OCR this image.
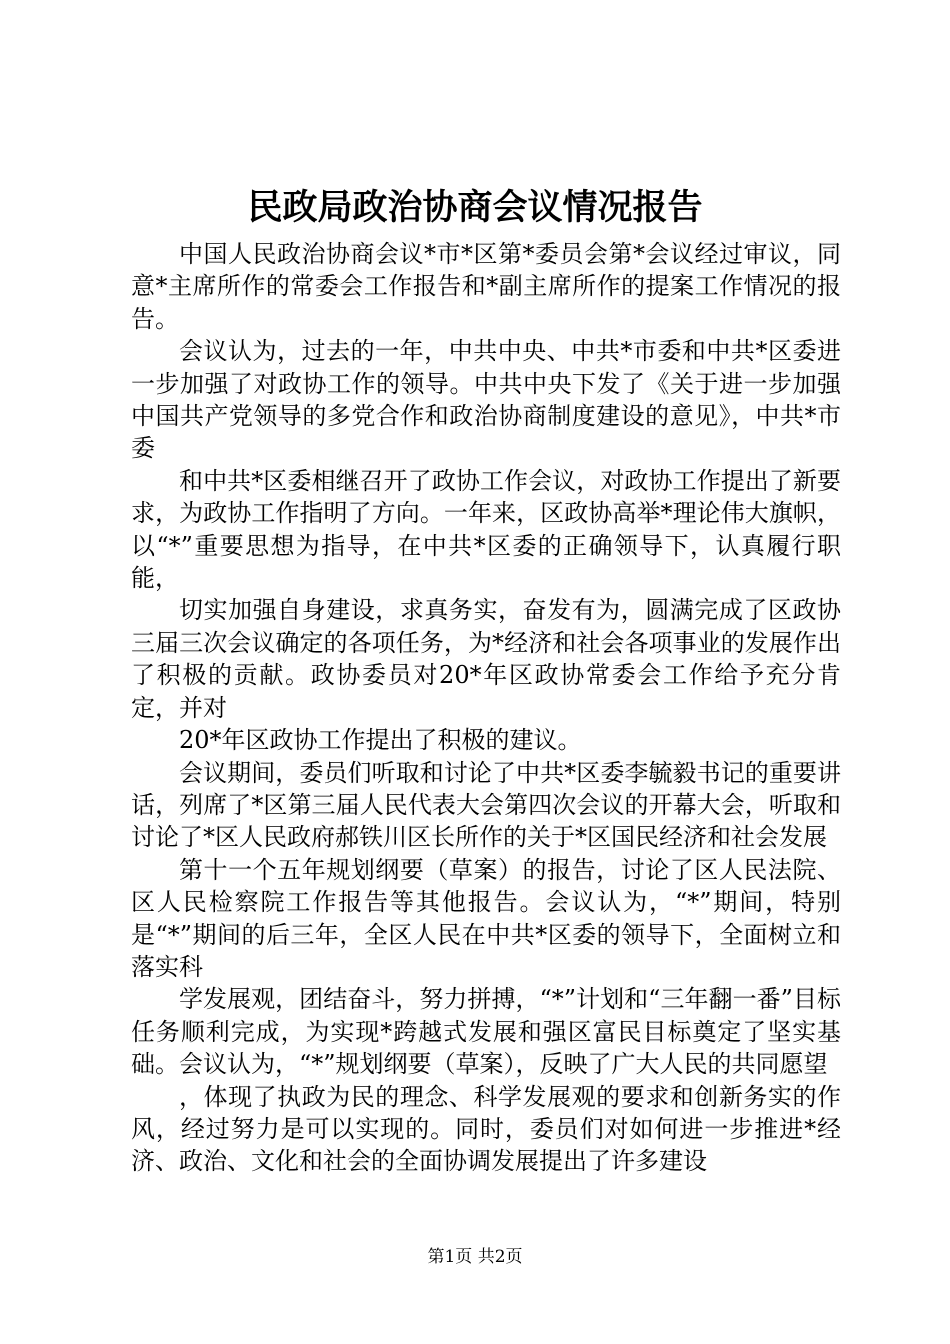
民政局政治协商会议情况报告

中国人民政治协商会议*市*区第*委员会第*会议经过审议，同意*主席所作的常委会工作报告和*副主席所作的提案工作情况的报告。

会议认为，过去的一年，中共中央、中共*市委和中共*区委进一步加强了对政协工作的领导。中共中央下发了《关于进一步加强中国共产党领导的多党合作和政治协商制度建设的意见》，中共*市委

和中共*区委相继召开了政协工作会议，对政协工作提出了新要求，为政协工作指明了方向。一年来，区政协高举*理论伟大旗帜，以“*”重要思想为指导，在中共*区委的正确领导下，认真履行职能，

切实加强自身建设，求真务实，奋发有为，圆满完成了区政协三届三次会议确定的各项任务，为*经济和社会各项事业的发展作出了积极的贡献。政协委员对20*年区政协常委会工作给予充分肯定，并对

20*年区政协工作提出了积极的建议。

会议期间，委员们听取和讨论了中共*区委李毓毅书记的重要讲话，列席了*区第三届人民代表大会第四次会议的开幕大会，听取和讨论了*区人民政府郝铁川区长所作的关于*区国民经济和社会发展

第十一个五年规划纲要（草案）的报告，讨论了区人民法院、区人民检察院工作报告等其他报告。会议认为，“*”期间，特别是“*”期间的后三年，全区人民在中共*区委的领导下，全面树立和落实科

学发展观，团结奋斗，努力拼搏，“*”计划和“三年翻一番”目标任务顺利完成，为实现*跨越式发展和强区富民目标奠定了坚实基础。会议认为，“*”规划纲要（草案），反映了广大人民的共同愿望

，体现了执政为民的理念、科学发展观的要求和创新务实的作风，经过努力是可以实现的。同时，委员们对如何进一步推进*经济、政治、文化和社会的全面协调发展提出了许多建设

第1页 共2页
